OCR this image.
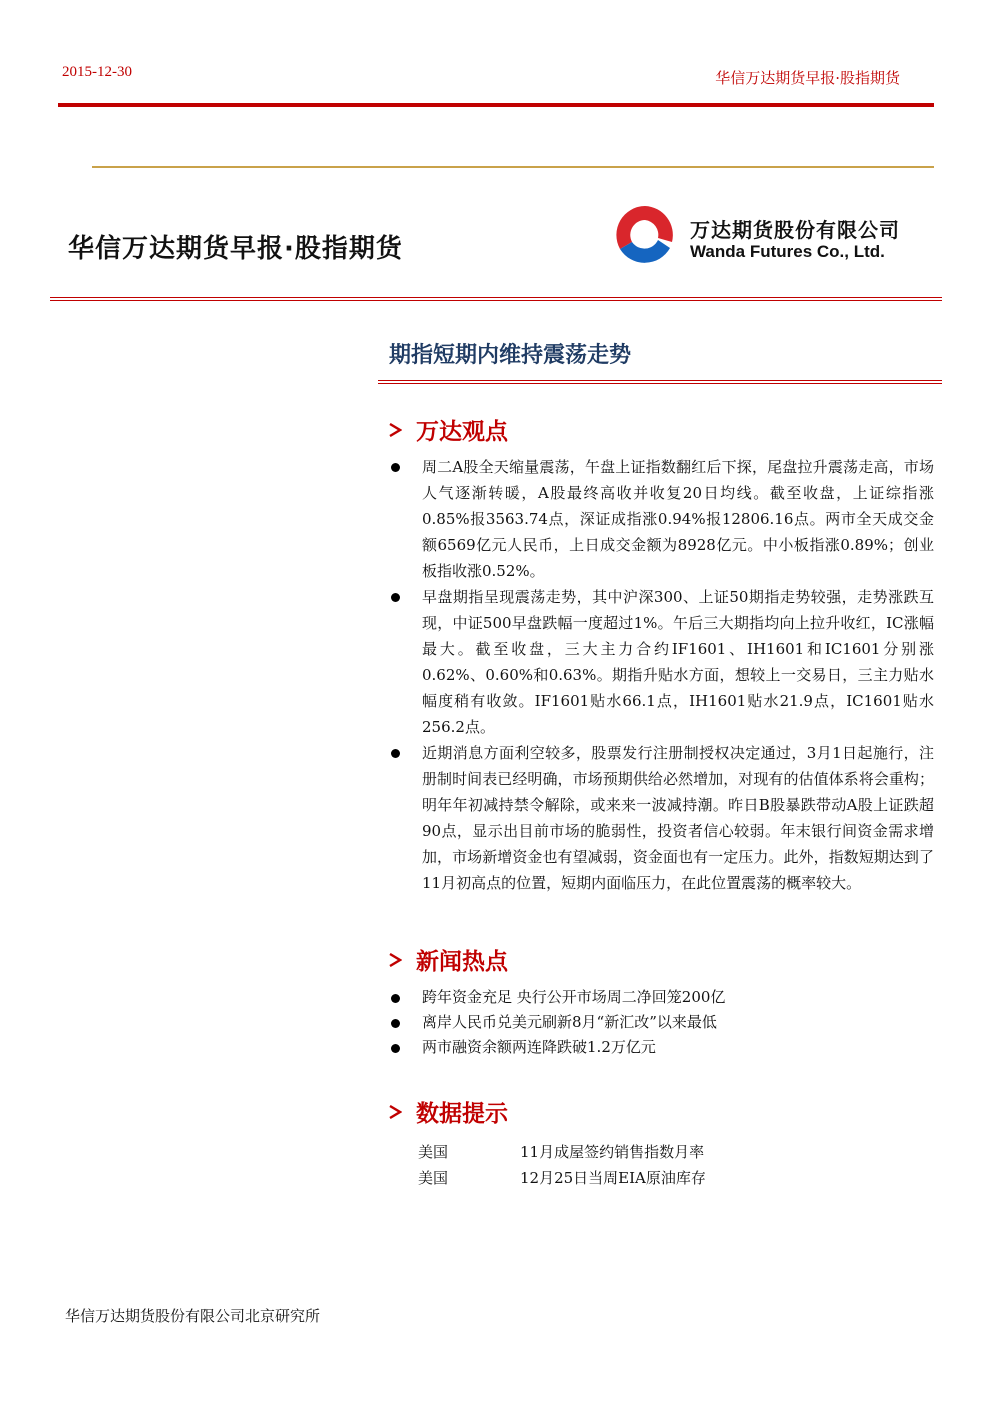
2015-12-30	华信万达期货早报·股指期货
华信万达期货早报·股指期货
万达期货股份有限公司
Wanda Futures Co., Ltd.
期指短期内维持震荡走势
万达观点
周二A股全天缩量震荡，午盘上证指数翻红后下探，尾盘拉升震荡走高，市场人气逐渐转暖，A股最终高收并收复20日均线。截至收盘，上证综指涨0.85%报3563.74点，深证成指涨0.94%报12806.16点。两市全天成交金额6569亿元人民币，上日成交金额为8928亿元。中小板指涨0.89%；创业板指收涨0.52%。
早盘期指呈现震荡走势，其中沪深300、上证50期指走势较强，走势涨跌互现，中证500早盘跌幅一度超过1%。午后三大期指均向上拉升收红，IC涨幅最大。截至收盘，三大主力合约IF1601、IH1601和IC1601分别涨0.62%、0.60%和0.63%。期指升贴水方面，想较上一交易日，三主力贴水幅度稍有收敛。IF1601贴水66.1点，IH1601贴水21.9点，IC1601贴水256.2点。
近期消息方面利空较多，股票发行注册制授权决定通过，3月1日起施行，注册制时间表已经明确，市场预期供给必然增加，对现有的估值体系将会重构；明年年初减持禁令解除，或来来一波减持潮。昨日B股暴跌带动A股上证跌超90点，显示出目前市场的脆弱性，投资者信心较弱。年末银行间资金需求增加，市场新增资金也有望减弱，资金面也有一定压力。此外，指数短期达到了11月初高点的位置，短期内面临压力，在此位置震荡的概率较大。
新闻热点
跨年资金充足 央行公开市场周二净回笼200亿
离岸人民币兑美元刷新8月“新汇改”以来最低
两市融资余额两连降跌破1.2万亿元
数据提示
美国	11月成屋签约销售指数月率
美国	12月25日当周EIA原油库存
华信万达期货股份有限公司北京研究所
